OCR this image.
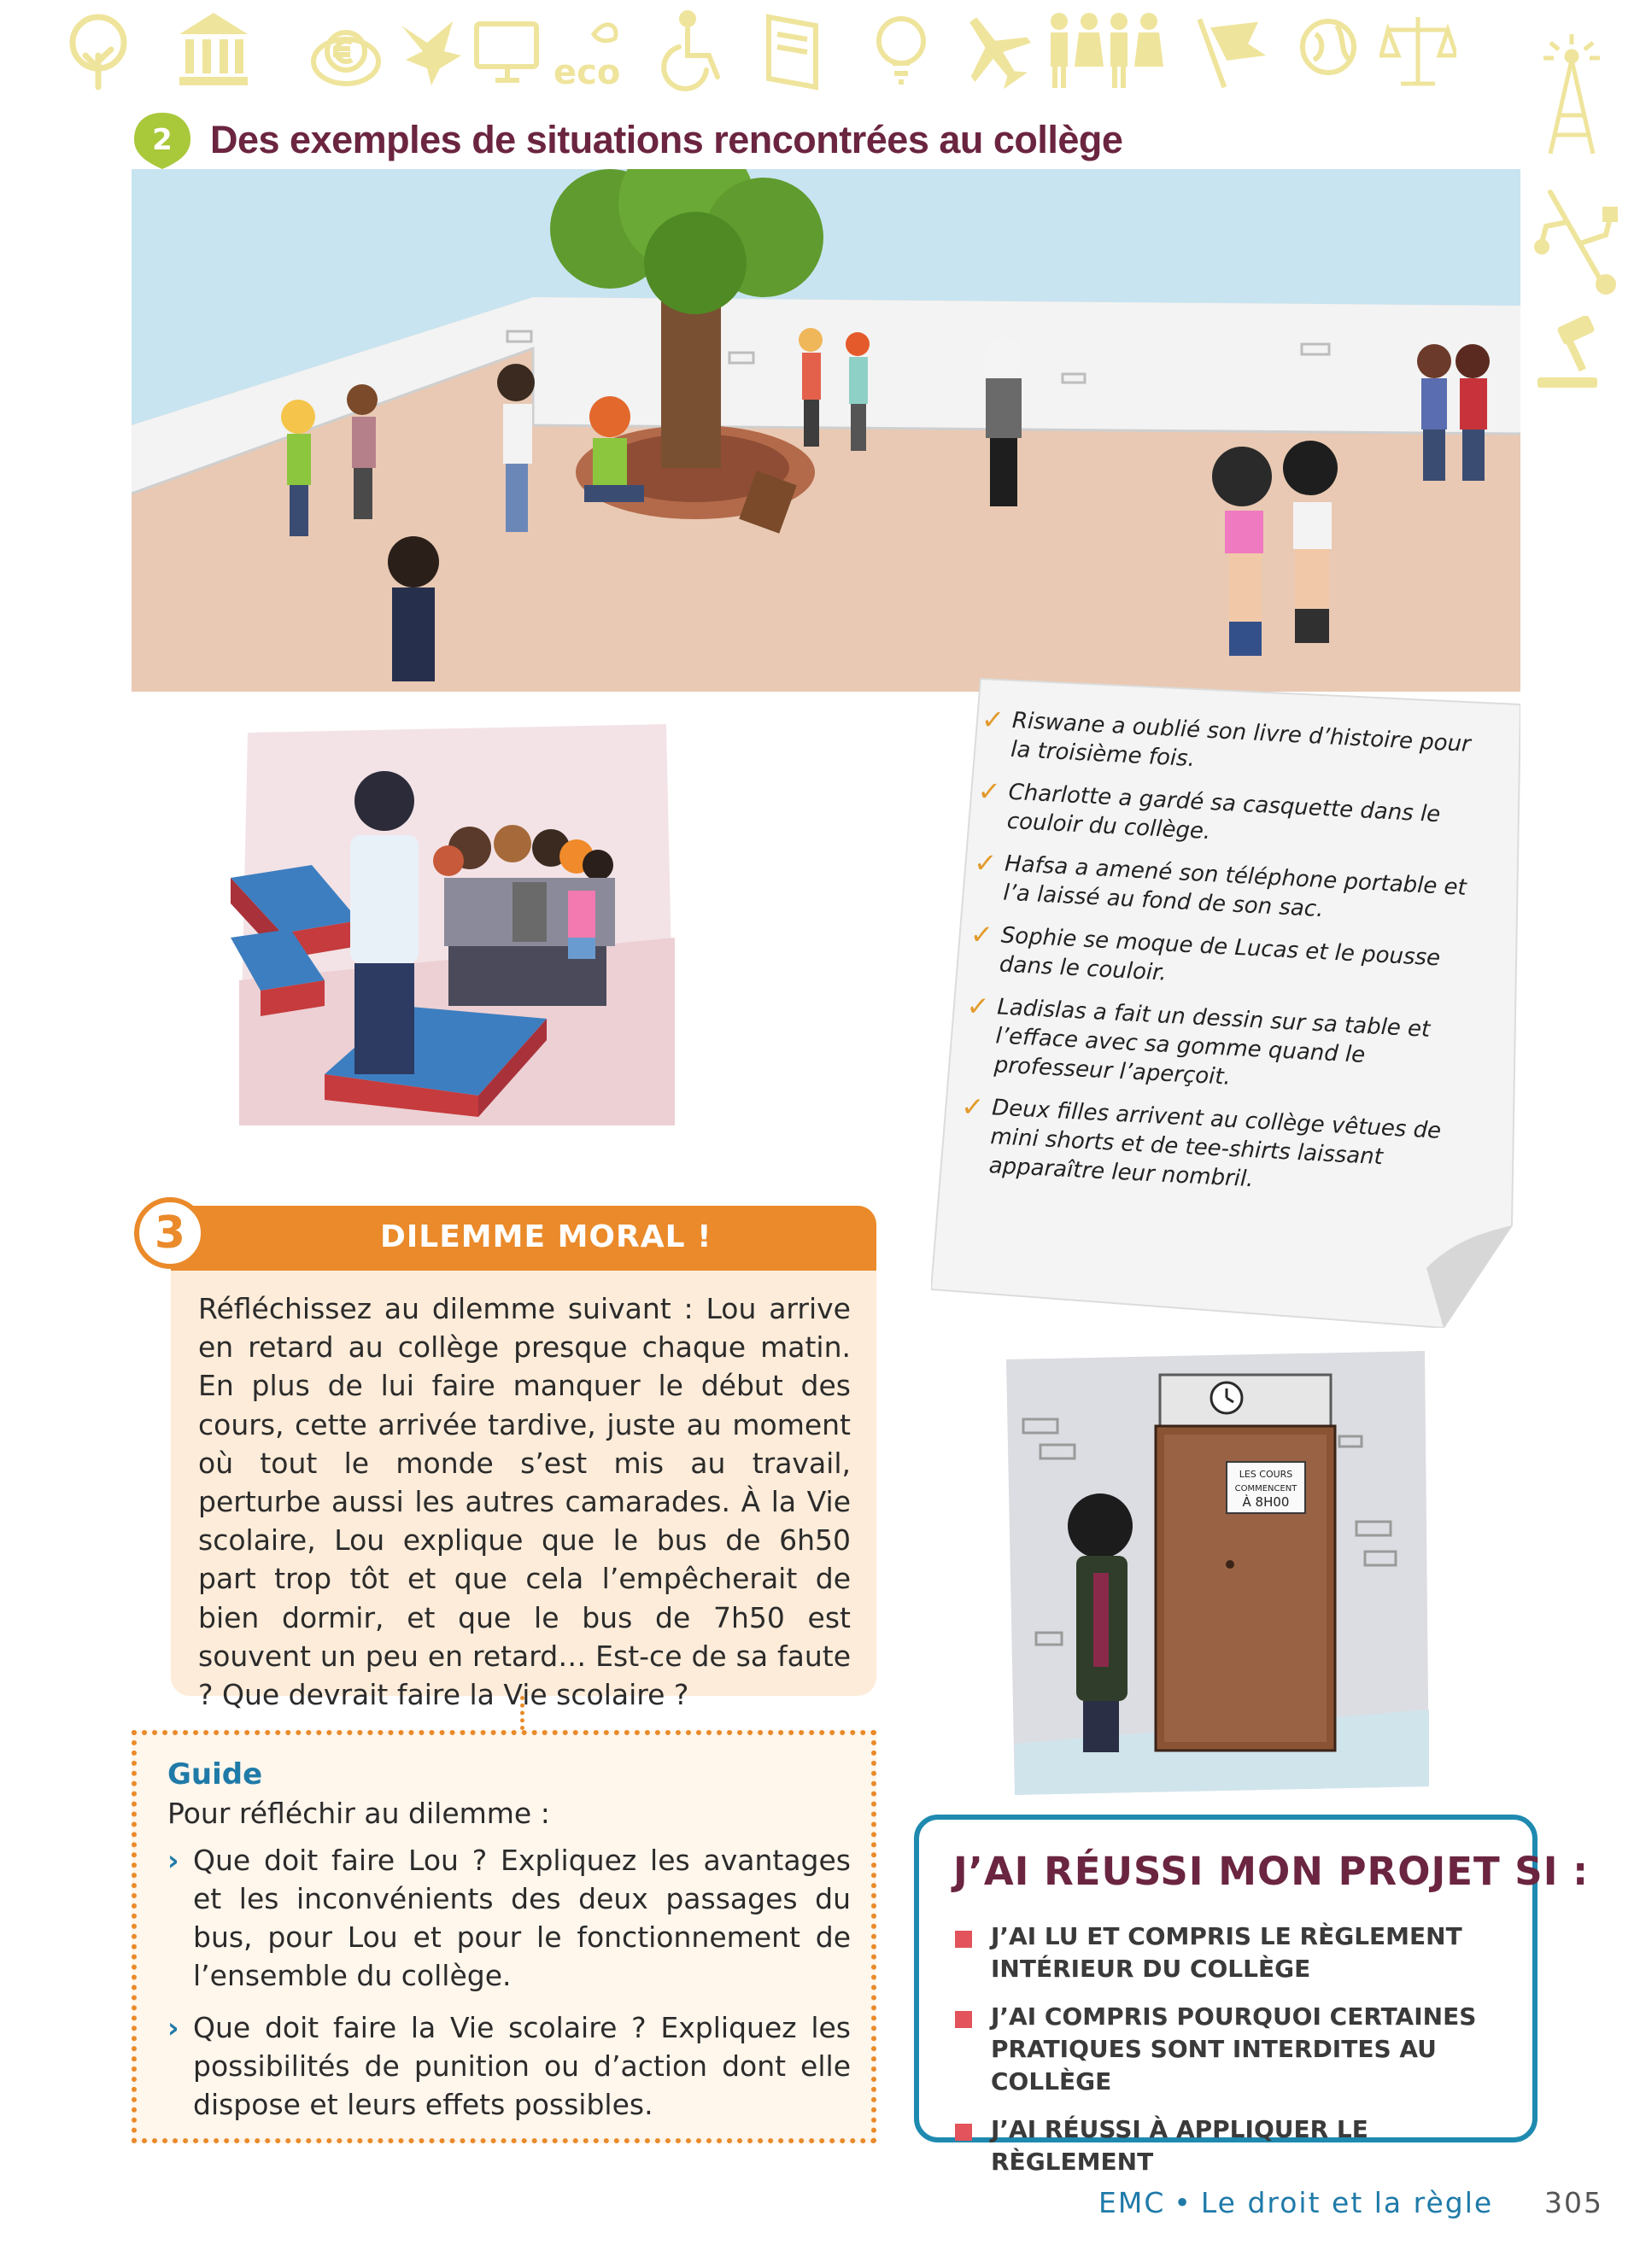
eco
2 Des exemples de situations rencontrées au collège
✓ Riswane a oublié son livre d’histoire pour la troisième fois.
✓ Charlotte a gardé sa casquette dans le couloir du collège.
✓ Hafsa a amené son téléphone portable et l’a laissé au fond de son sac.
✓ Sophie se moque de Lucas et le pousse dans le couloir.
✓ Ladislas a fait un dessin sur sa table et l’efface avec sa gomme quand le professeur l’aperçoit.
✓ Deux filles arrivent au collège vêtues de mini shorts et de tee-shirts laissant apparaître leur nombril.
DILEMME MORAL !
3
Réfléchissez au dilemme suivant : Lou arrive en retard au collège presque chaque matin. En plus de lui faire manquer le début des cours, cette arrivée tardive, juste au moment où tout le monde s’est mis au travail, perturbe aussi les autres camarades. À la Vie scolaire, Lou explique que le bus de 6h50 part trop tôt et que cela l’empêcherait de bien dormir, et que le bus de 7h50 est souvent un peu en retard… Est-ce de sa faute ? Que devrait faire la Vie scolaire ?
Guide
Pour réfléchir au dilemme :
› Que doit faire Lou ? Expliquez les avantages et les inconvénients des deux passages du bus, pour Lou et pour le fonctionnement de l’ensemble du collège.
› Que doit faire la Vie scolaire ? Expliquez les possibilités de punition ou d’action dont elle dispose et leurs effets possibles.
LES COURS
COMMENCENT
À 8H00
J’AI RÉUSSI MON PROJET SI :
J’AI LU ET COMPRIS LE RÈGLEMENT INTÉRIEUR DU COLLÈGE
J’AI COMPRIS POURQUOI CERTAINES PRATIQUES SONT INTERDITES AU COLLÈGE
J’AI RÉUSSI À APPLIQUER LE RÈGLEMENT
EMC • Le droit et la règle 305
